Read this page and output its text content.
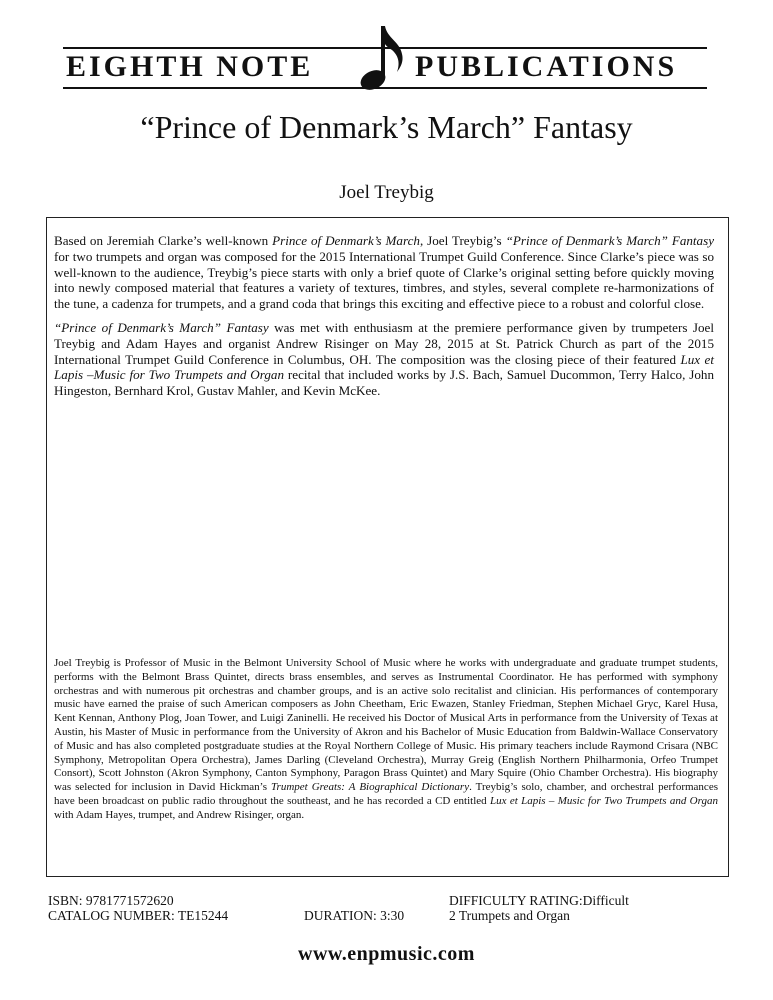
EIGHTH NOTE	PUBLICATIONS
“Prince of Denmark’s March” Fantasy
Joel Treybig

Based on Jeremiah Clarke’s well-known Prince of Denmark’s March, Joel Treybig’s “Prince of Denmark’s March” Fantasy for two trumpets and organ was composed for the 2015 International Trumpet Guild Conference. Since Clarke’s piece was so well-known to the audience, Treybig’s piece starts with only a brief quote of Clarke’s original setting before quickly moving into newly composed material that features a variety of textures, timbres, and styles, several complete re-harmonizations of the tune, a cadenza for trumpets, and a grand coda that brings this exciting and effective piece to a robust and colorful close.

“Prince of Denmark’s March” Fantasy was met with enthusiasm at the premiere performance given by trumpeters Joel Treybig and Adam Hayes and organist Andrew Risinger on May 28, 2015 at St. Patrick Church as part of the 2015 International Trumpet Guild Conference in Columbus, OH. The composition was the closing piece of their featured Lux et Lapis –Music for Two Trumpets and Organ recital that included works by J.S. Bach, Samuel Ducommon, Terry Halco, John Hingeston, Bernhard Krol, Gustav Mahler, and Kevin McKee.

Joel Treybig is Professor of Music in the Belmont University School of Music where he works with undergraduate and graduate trumpet students, performs with the Belmont Brass Quintet, directs brass ensembles, and serves as Instrumental Coordinator. He has performed with symphony orchestras and with numerous pit orchestras and chamber groups, and is an active solo recitalist and clinician. His performances of contemporary music have earned the praise of such American composers as John Cheetham, Eric Ewazen, Stanley Friedman, Stephen Michael Gryc, Karel Husa, Kent Kennan, Anthony Plog, Joan Tower, and Luigi Zaninelli. He received his Doctor of Musical Arts in performance from the University of Texas at Austin, his Master of Music in performance from the University of Akron and his Bachelor of Music Education from Baldwin-Wallace Conservatory of Music and has also completed postgraduate studies at the Royal Northern College of Music. His primary teachers include Raymond Crisara (NBC Symphony, Metropolitan Opera Orchestra), James Darling (Cleveland Orchestra), Murray Greig (English Northern Philharmonia, Orfeo Trumpet Consort), Scott Johnston (Akron Symphony, Canton Symphony, Paragon Brass Quintet) and Mary Squire (Ohio Chamber Orchestra). His biography was selected for inclusion in David Hickman’s Trumpet Greats: A Biographical Dictionary. Treybig’s solo, chamber, and orchestral performances have been broadcast on public radio throughout the southeast, and he has recorded a CD entitled Lux et Lapis – Music for Two Trumpets and Organ with Adam Hayes, trumpet, and Andrew Risinger, organ.

ISBN: 9781771572620
CATALOG NUMBER: TE15244	DURATION: 3:30
DIFFICULTY RATING:Difficult
2 Trumpets and Organ
www.enpmusic.com
